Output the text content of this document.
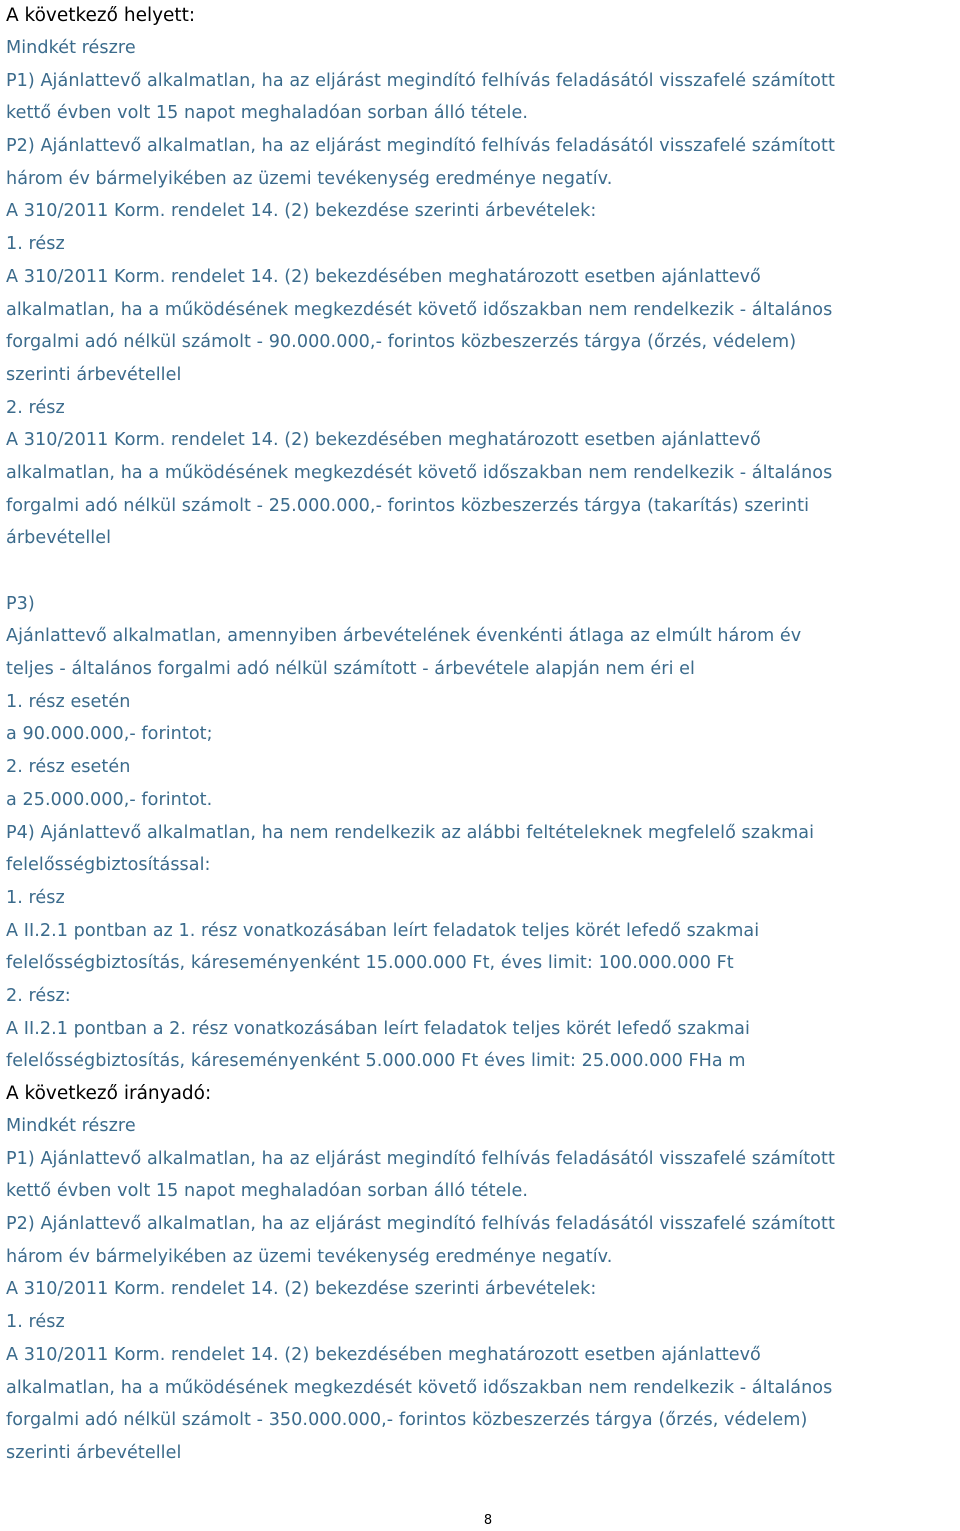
A következő helyett:
Mindkét részre
P1) Ajánlattevő alkalmatlan, ha az eljárást megindító felhívás feladásától visszafelé számított
kettő évben volt 15 napot meghaladóan sorban álló tétele.
P2) Ajánlattevő alkalmatlan, ha az eljárást megindító felhívás feladásától visszafelé számított
három év bármelyikében az üzemi tevékenység eredménye negatív.
A 310/2011 Korm. rendelet 14. (2) bekezdése szerinti árbevételek:
1. rész
A 310/2011 Korm. rendelet 14. (2) bekezdésében meghatározott esetben ajánlattevő
alkalmatlan, ha a működésének megkezdését követő időszakban nem rendelkezik - általános
forgalmi adó nélkül számolt - 90.000.000,- forintos közbeszerzés tárgya (őrzés, védelem)
szerinti árbevétellel
2. rész
A 310/2011 Korm. rendelet 14. (2) bekezdésében meghatározott esetben ajánlattevő
alkalmatlan, ha a működésének megkezdését követő időszakban nem rendelkezik - általános
forgalmi adó nélkül számolt - 25.000.000,- forintos közbeszerzés tárgya (takarítás) szerinti
árbevétellel
P3)
Ajánlattevő alkalmatlan, amennyiben árbevételének évenkénti átlaga az elmúlt három év
teljes - általános forgalmi adó nélkül számított - árbevétele alapján nem éri el
1. rész esetén
a 90.000.000,- forintot;
2. rész esetén
a 25.000.000,- forintot.
P4) Ajánlattevő alkalmatlan, ha nem rendelkezik az alábbi feltételeknek megfelelő szakmai
felelősségbiztosítással:
1. rész
A II.2.1 pontban az 1. rész vonatkozásában leírt feladatok teljes körét lefedő szakmai
felelősségbiztosítás, káreseményenként 15.000.000 Ft, éves limit: 100.000.000 Ft
2. rész:
A II.2.1 pontban a 2. rész vonatkozásában leírt feladatok teljes körét lefedő szakmai
felelősségbiztosítás, káreseményenként 5.000.000 Ft éves limit: 25.000.000 FHa m
A következő irányadó:
Mindkét részre
P1) Ajánlattevő alkalmatlan, ha az eljárást megindító felhívás feladásától visszafelé számított
kettő évben volt 15 napot meghaladóan sorban álló tétele.
P2) Ajánlattevő alkalmatlan, ha az eljárást megindító felhívás feladásától visszafelé számított
három év bármelyikében az üzemi tevékenység eredménye negatív.
A 310/2011 Korm. rendelet 14. (2) bekezdése szerinti árbevételek:
1. rész
A 310/2011 Korm. rendelet 14. (2) bekezdésében meghatározott esetben ajánlattevő
alkalmatlan, ha a működésének megkezdését követő időszakban nem rendelkezik - általános
forgalmi adó nélkül számolt - 350.000.000,- forintos közbeszerzés tárgya (őrzés, védelem)
szerinti árbevétellel
8
